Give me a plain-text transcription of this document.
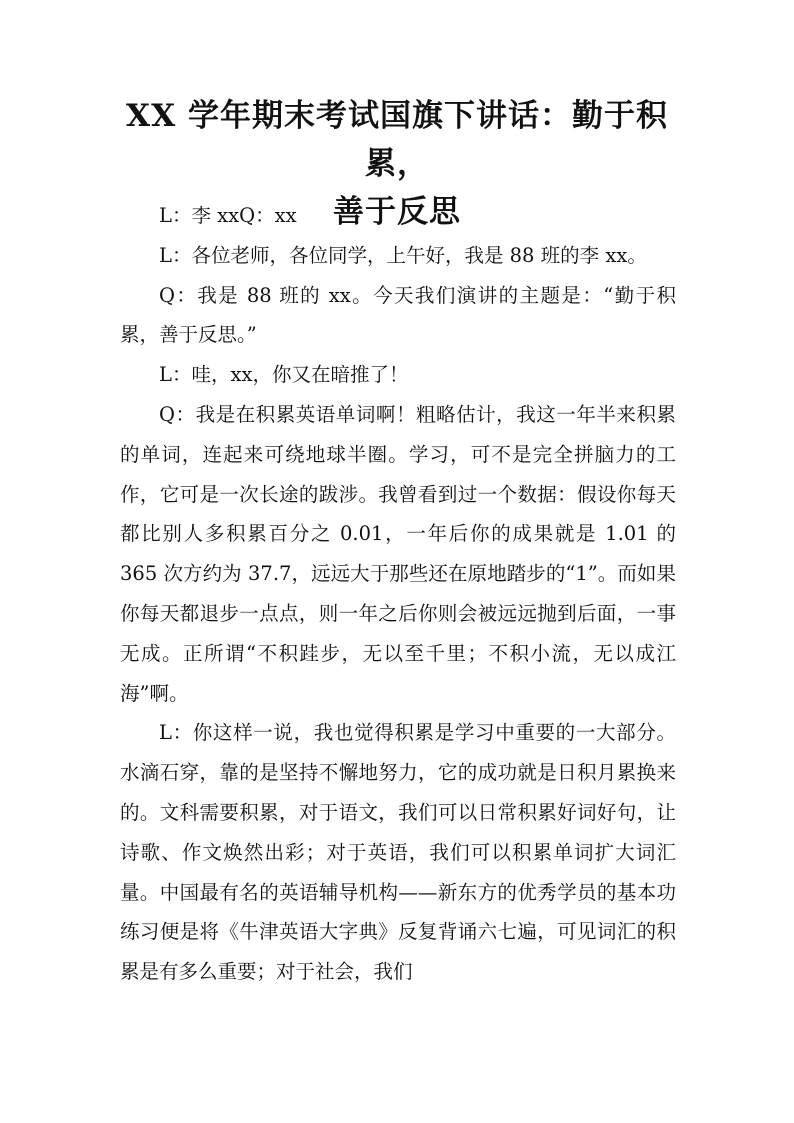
XX 学年期末考试国旗下讲话：勤于积累，
善于反思

L：李 xxQ：xx

L：各位老师，各位同学，上午好，我是 88 班的李 xx。

Q：我是 88 班的 xx。今天我们演讲的主题是：“勤于积累，善于反思。”

L：哇，xx，你又在暗推了！

Q：我是在积累英语单词啊！粗略估计，我这一年半来积累的单词，连起来可绕地球半圈。学习，可不是完全拼脑力的工作，它可是一次长途的跋涉。我曾看到过一个数据：假设你每天都比别人多积累百分之 0.01，一年后你的成果就是 1.01 的 365 次方约为 37.7，远远大于那些还在原地踏步的“1”。而如果你每天都退步一点点，则一年之后你则会被远远抛到后面，一事无成。正所谓“不积跬步，无以至千里；不积小流，无以成江海”啊。

L：你这样一说，我也觉得积累是学习中重要的一大部分。水滴石穿，靠的是坚持不懈地努力，它的成功就是日积月累换来的。文科需要积累，对于语文，我们可以日常积累好词好句，让诗歌、作文焕然出彩；对于英语，我们可以积累单词扩大词汇量。中国最有名的英语辅导机构——新东方的优秀学员的基本功练习便是将《牛津英语大字典》反复背诵六七遍，可见词汇的积累是有多么重要；对于社会，我们
